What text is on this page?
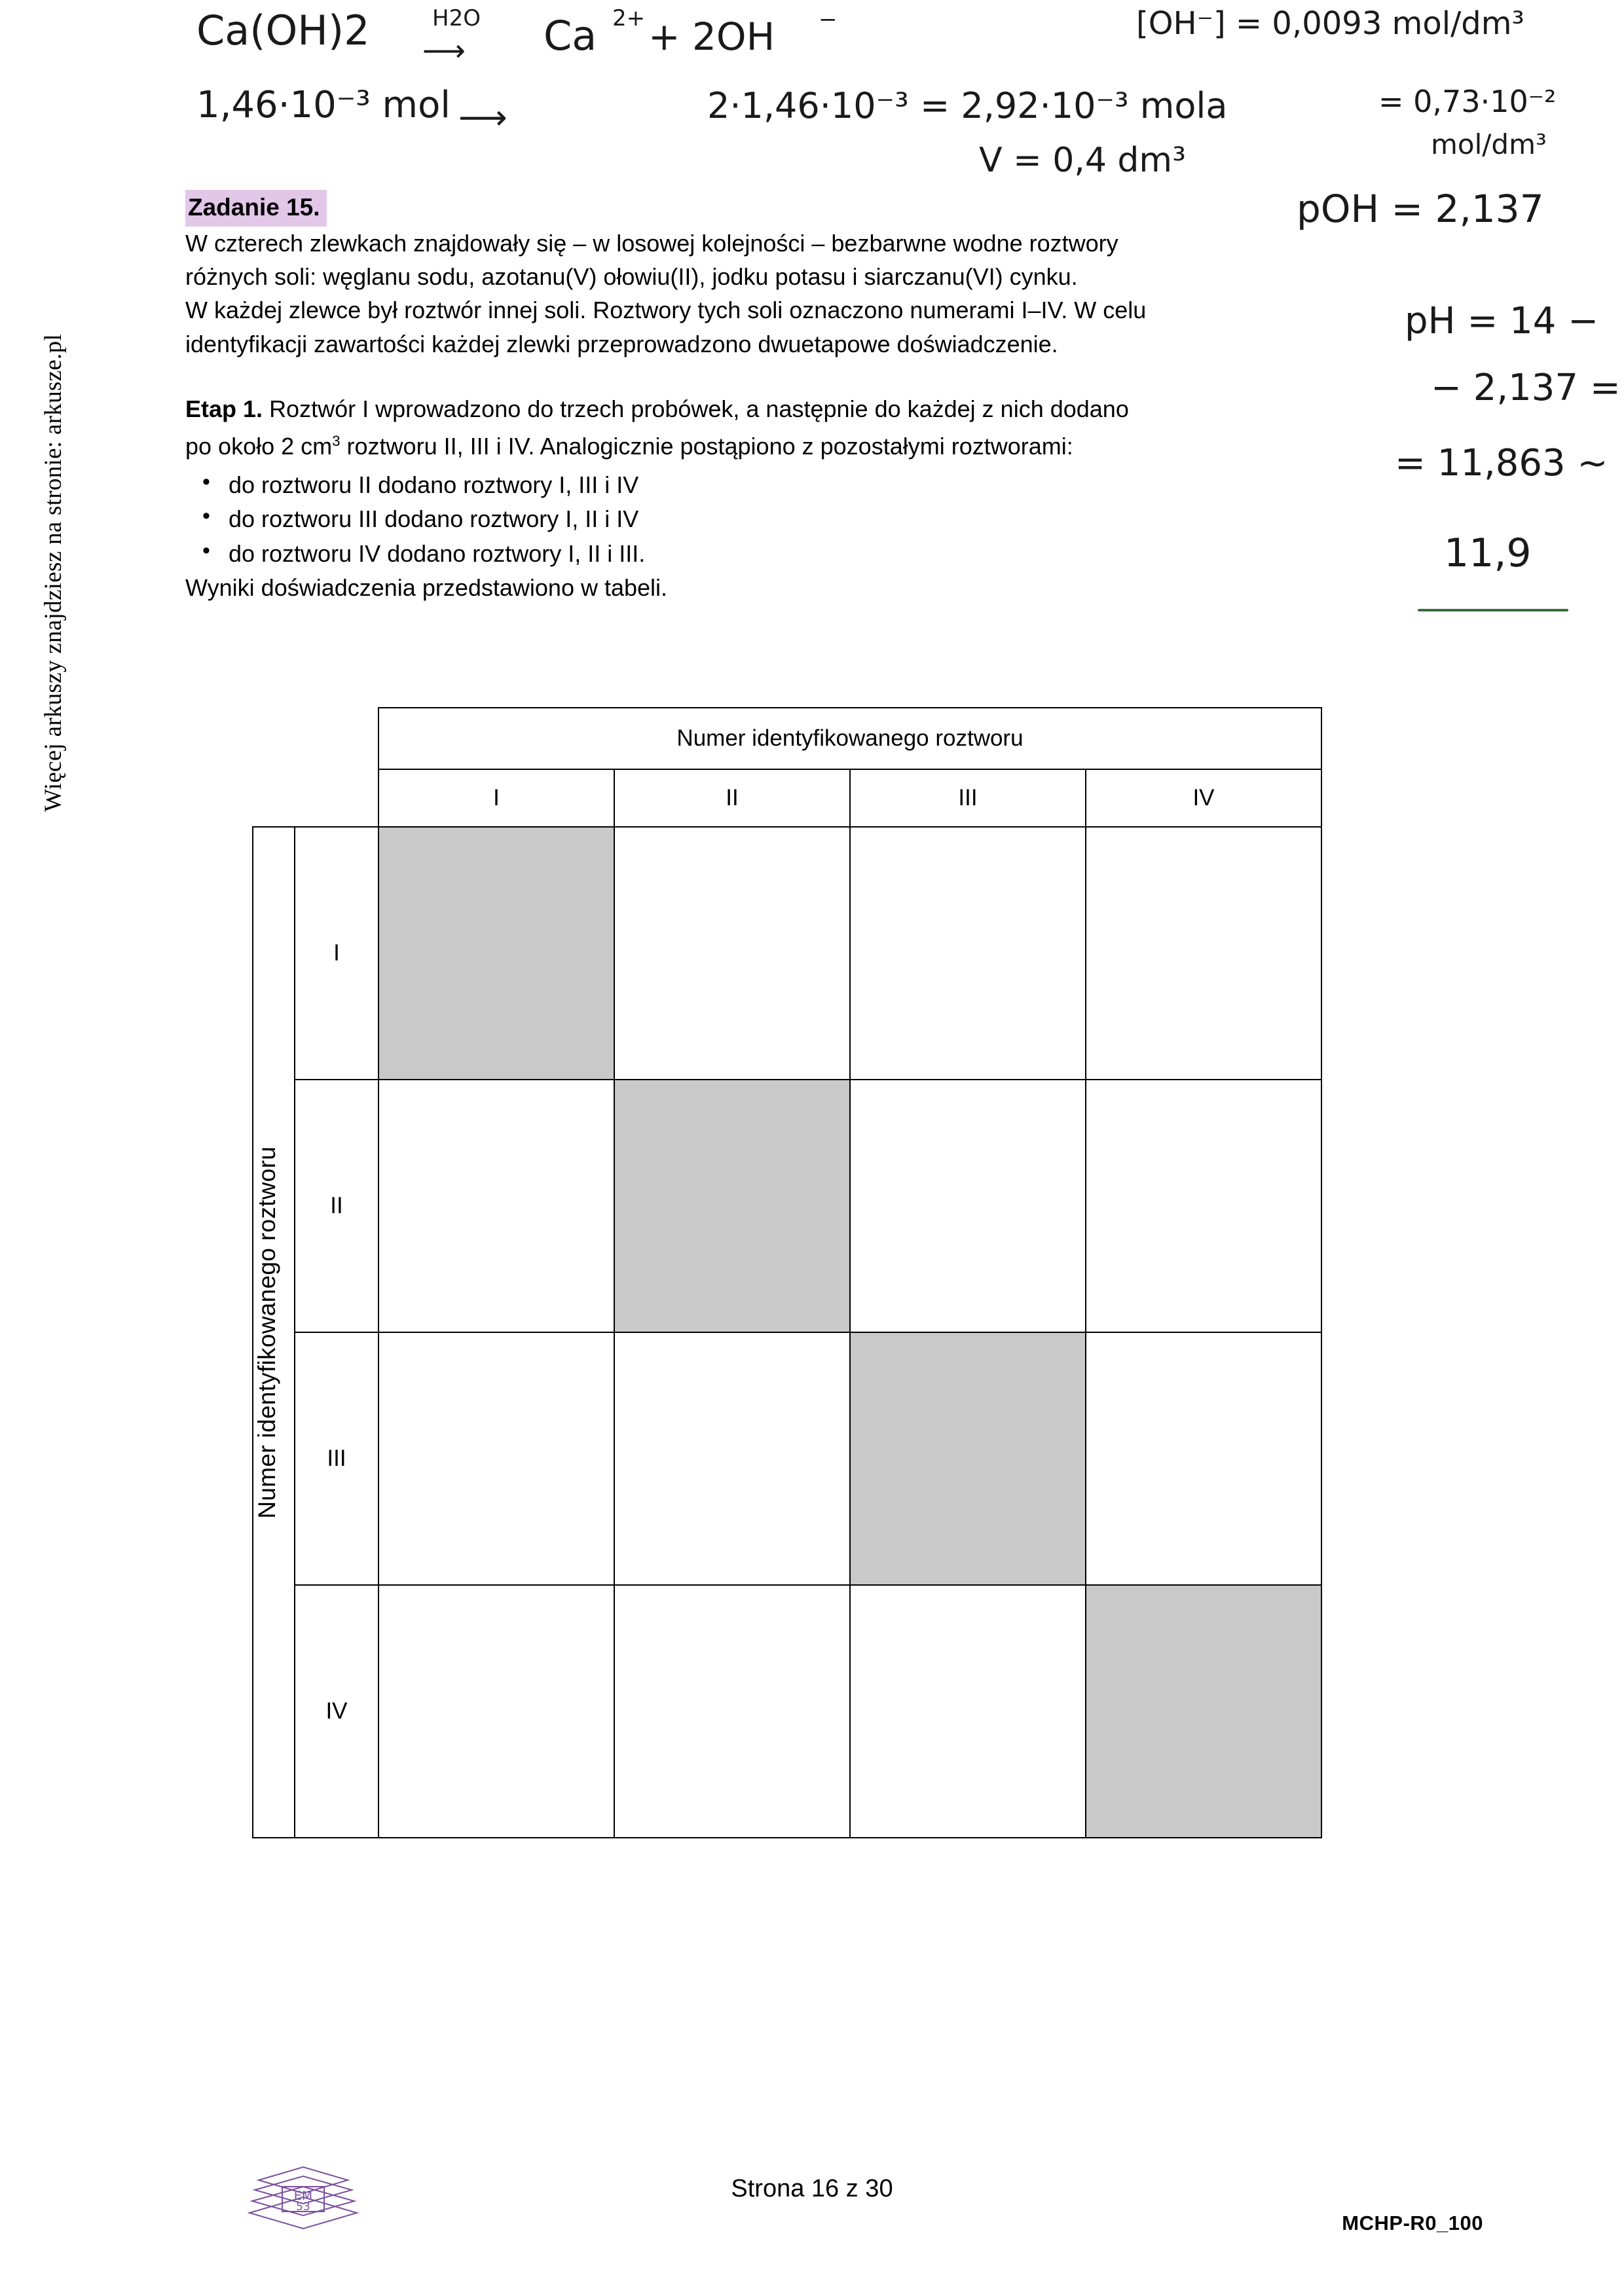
Więcej arkuszy znajdziesz na stronie: arkusze.pl
Ca(OH)2	H2O
⟶ Ca 2+ + 2OH −	[OH⁻] = 0,0093 mol/dm³
1,46·10⁻³ mol ⟶	2·1,46·10⁻³ = 2,92·10⁻³ mola	= 0,73·10⁻²
mol/dm³
V = 0,4 dm³
pOH = 2,137
pH = 14 −
− 2,137 =
= 11,863 ~
11,9
Zadanie 15.
W czterech zlewkach znajdowały się – w losowej kolejności – bezbarwne wodne roztwory
różnych soli: węglanu sodu, azotanu(V) ołowiu(II), jodku potasu i siarczanu(VI) cynku.
W każdej zlewce był roztwór innej soli. Roztwory tych soli oznaczono numerami I–IV. W celu
identyfikacji zawartości każdej zlewki przeprowadzono dwuetapowe doświadczenie.
Etap 1. Roztwór I wprowadzono do trzech probówek, a następnie do każdej z nich dodano
po około 2 $cm^3$ roztworu II, III i IV. Analogicznie postąpiono z pozostałymi roztworami:
• do roztworu II dodano roztwory I, III i IV
• do roztworu III dodano roztwory I, II i IV
• do roztworu IV dodano roztwory I, II i III.
Wyniki doświadczenia przedstawiono w tabeli.
		Numer identyfikowanego roztworu			
		I	II	III	IV

Numer identyfikowanego roztworu	I		

	II	

	III	

	IV	

EM
53
Strona 16 z 30
MCHP-R0_100
